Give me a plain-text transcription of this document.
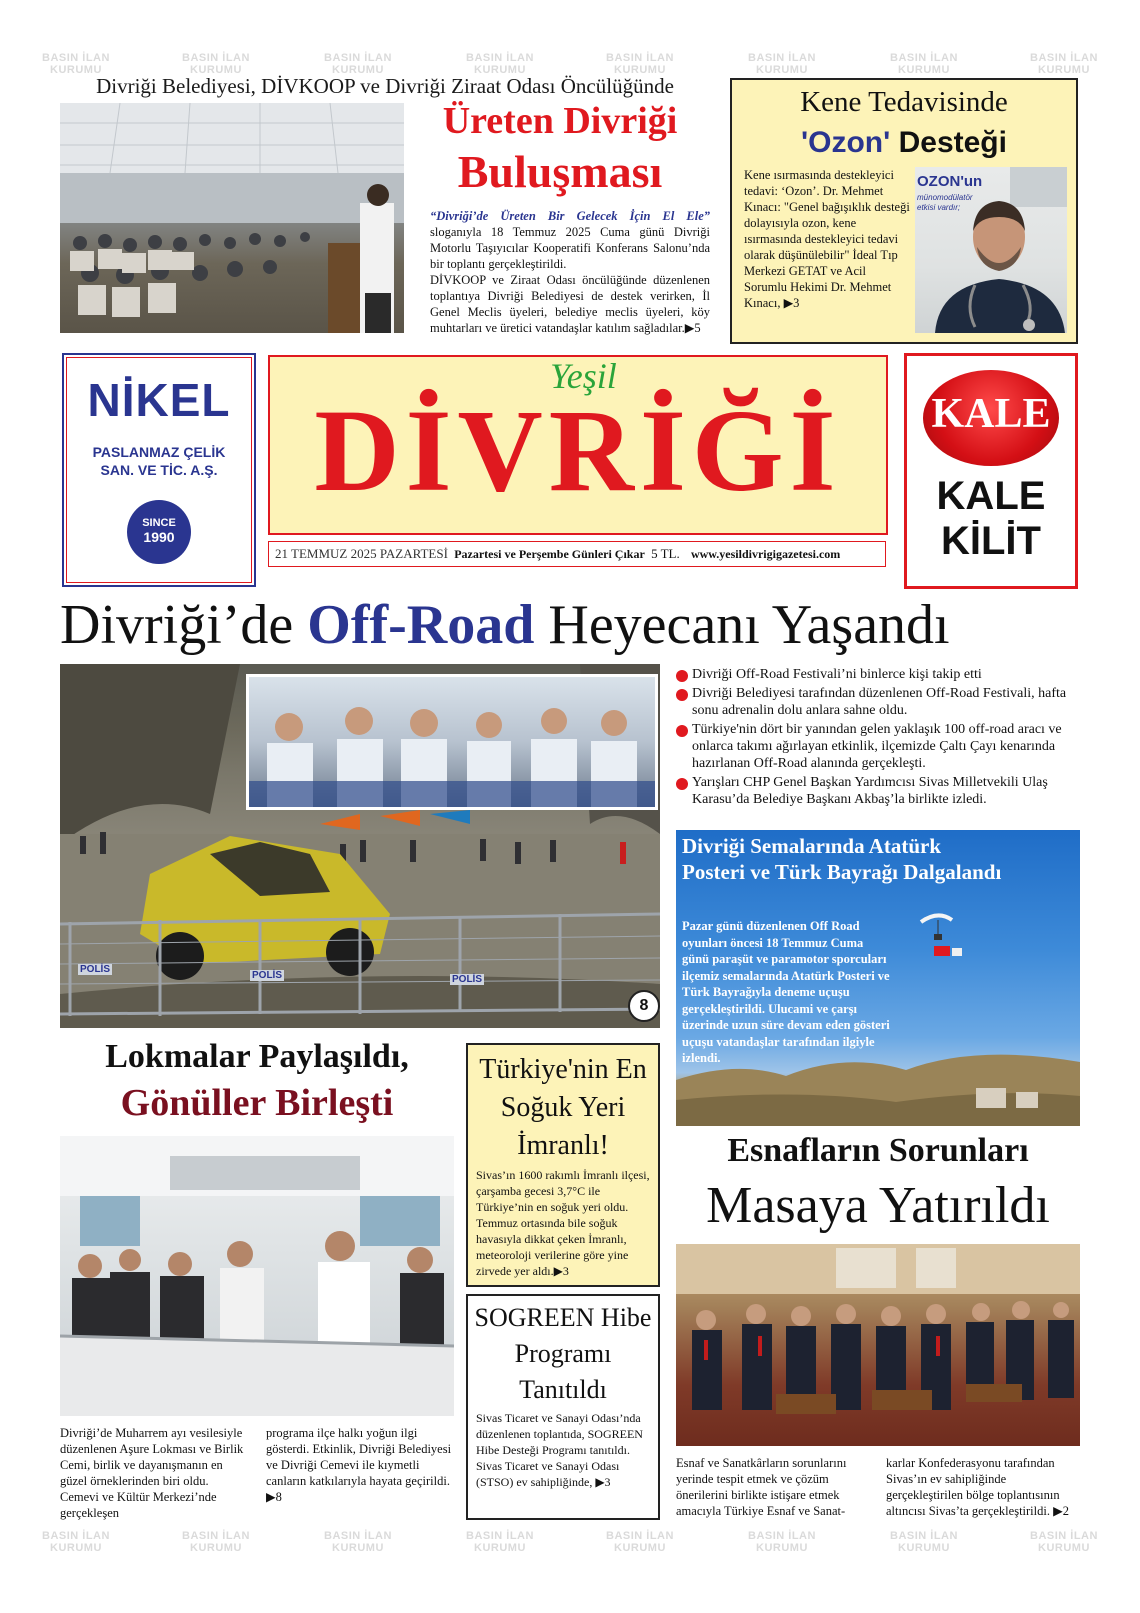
BASIN İLAN
KURUMU
BASIN İLAN
KURUMU
BASIN İLAN
KURUMU
BASIN İLAN
KURUMU
BASIN İLAN
KURUMU
BASIN İLAN
KURUMU
BASIN İLAN
KURUMU
BASIN İLAN
KURUMU
BASIN İLAN
KURUMU
BASIN İLAN
KURUMU
BASIN İLAN
KURUMU
BASIN İLAN
KURUMU
BASIN İLAN
KURUMU
BASIN İLAN
KURUMU
BASIN İLAN
KURUMU
BASIN İLAN
KURUMU
Divriği Belediyesi, DİVKOOP ve Divriği Ziraat Odası Öncülüğünde
Üreten Divriği
Buluşması
“Divriği’de Üreten Bir Gelecek İçin El Ele” sloganıyla 18 Temmuz 2025 Cuma günü Divriği Motorlu Taşıyıcılar Kooperatifi Konferans Salonu’nda bir toplantı gerçekleştirildi.
DİVKOOP ve Ziraat Odası öncülüğünde düzenlenen toplantıya Divriği Belediyesi de destek verirken, İl Genel Meclis üyeleri, belediye meclis üyeleri, köy muhtarları ve üretici vatandaşlar katılım sağladılar.▶5
Kene Tedavisinde
'Ozon' Desteği
Kene ısırmasında destekleyici tedavi: ‘Ozon’. Dr. Mehmet Kınacı: "Genel bağışıklık desteği dolayısıyla ozon, kene ısırmasında destekleyici tedavi olarak düşünülebilir" İdeal Tıp Merkezi GETAT ve Acil Sorumlu Hekimi Dr. Mehmet Kınacı, ▶3
OZON'un
münomodülatör etkisi vardır;
NİKEL
PASLANMAZ ÇELİK
SAN. VE TİC. A.Ş.
SINCE
1990
Yeşil
DİVRİĞİ
21 TEMMUZ 2025 PAZARTESİ Pazartesi ve Perşembe Günleri Çıkar 5 TL. www.yesildivrigigazetesi.com
KALE
KALE
KİLİT
Divriği’de Off-Road Heyecanı Yaşandı
POLİS
POLİS	POLİS
8
Divriği Off-Road Festivali’ni binlerce kişi takip etti
Divriği Belediyesi tarafından düzenlenen Off-Road Festivali, hafta sonu adrenalin dolu anlara sahne oldu.
Türkiye'nin dört bir yanından gelen yaklaşık 100 off-road aracı ve onlarca takımı ağırlayan etkinlik, ilçemizde Çaltı Çayı kenarında hazırlanan Off-Road alanında gerçekleşti.
Yarışları CHP Genel Başkan Yardımcısı Sivas Milletvekili Ulaş Karasu’da Belediye Başkanı Akbaş’la birlikte izledi.
Divriği Semalarında Atatürk
Posteri ve Türk Bayrağı Dalgalandı
Pazar günü düzenlenen Off Road oyunları öncesi 18 Temmuz Cuma günü paraşüt ve paramotor sporcuları ilçemiz semalarında Atatürk Posteri ve Türk Bayrağıyla deneme uçuşu gerçekleştirildi. Ulucami ve çarşı üzerinde uzun süre devam eden gösteri uçuşu vatandaşlar tarafından ilgiyle izlendi.
Lokmalar Paylaşıldı,
Gönüller Birleşti
Divriği’de Muharrem ayı vesilesiyle düzenlenen Aşure Lokması ve Birlik Cemi, birlik ve dayanışmanın en güzel örneklerinden biri oldu. Cemevi ve Kültür Merkezi’nde gerçekleşen
programa ilçe halkı yoğun ilgi gösterdi. Etkinlik, Divriği Belediyesi ve Divriği Cemevi ile kıymetli canların katkılarıyla hayata geçirildi. ▶8
Türkiye'nin En Soğuk Yeri İmranlı!
Sivas’ın 1600 rakımlı İmranlı ilçesi, çarşamba gecesi 3,7°C ile Türkiye’nin en soğuk yeri oldu. Temmuz ortasında bile soğuk havasıyla dikkat çeken İmranlı, meteoroloji verilerine göre yine zirvede yer aldı.▶3
SOGREEN Hibe Programı Tanıtıldı
Sivas Ticaret ve Sanayi Odası’nda düzenlenen toplantıda, SOGREEN Hibe Desteği Programı tanıtıldı. Sivas Ticaret ve Sanayi Odası (STSO) ev sahipliğinde, ▶3
Esnafların Sorunları
Masaya Yatırıldı
Esnaf ve Sanatkârların sorunlarını yerinde tespit etmek ve çözüm önerilerini birlikte istişare etmek amacıyla Türkiye Esnaf ve Sanat-
karlar Konfederasyonu tarafından Sivas’ın ev sahipliğinde gerçekleştirilen bölge toplantısının altıncısı Sivas’ta gerçekleştirildi. ▶2
